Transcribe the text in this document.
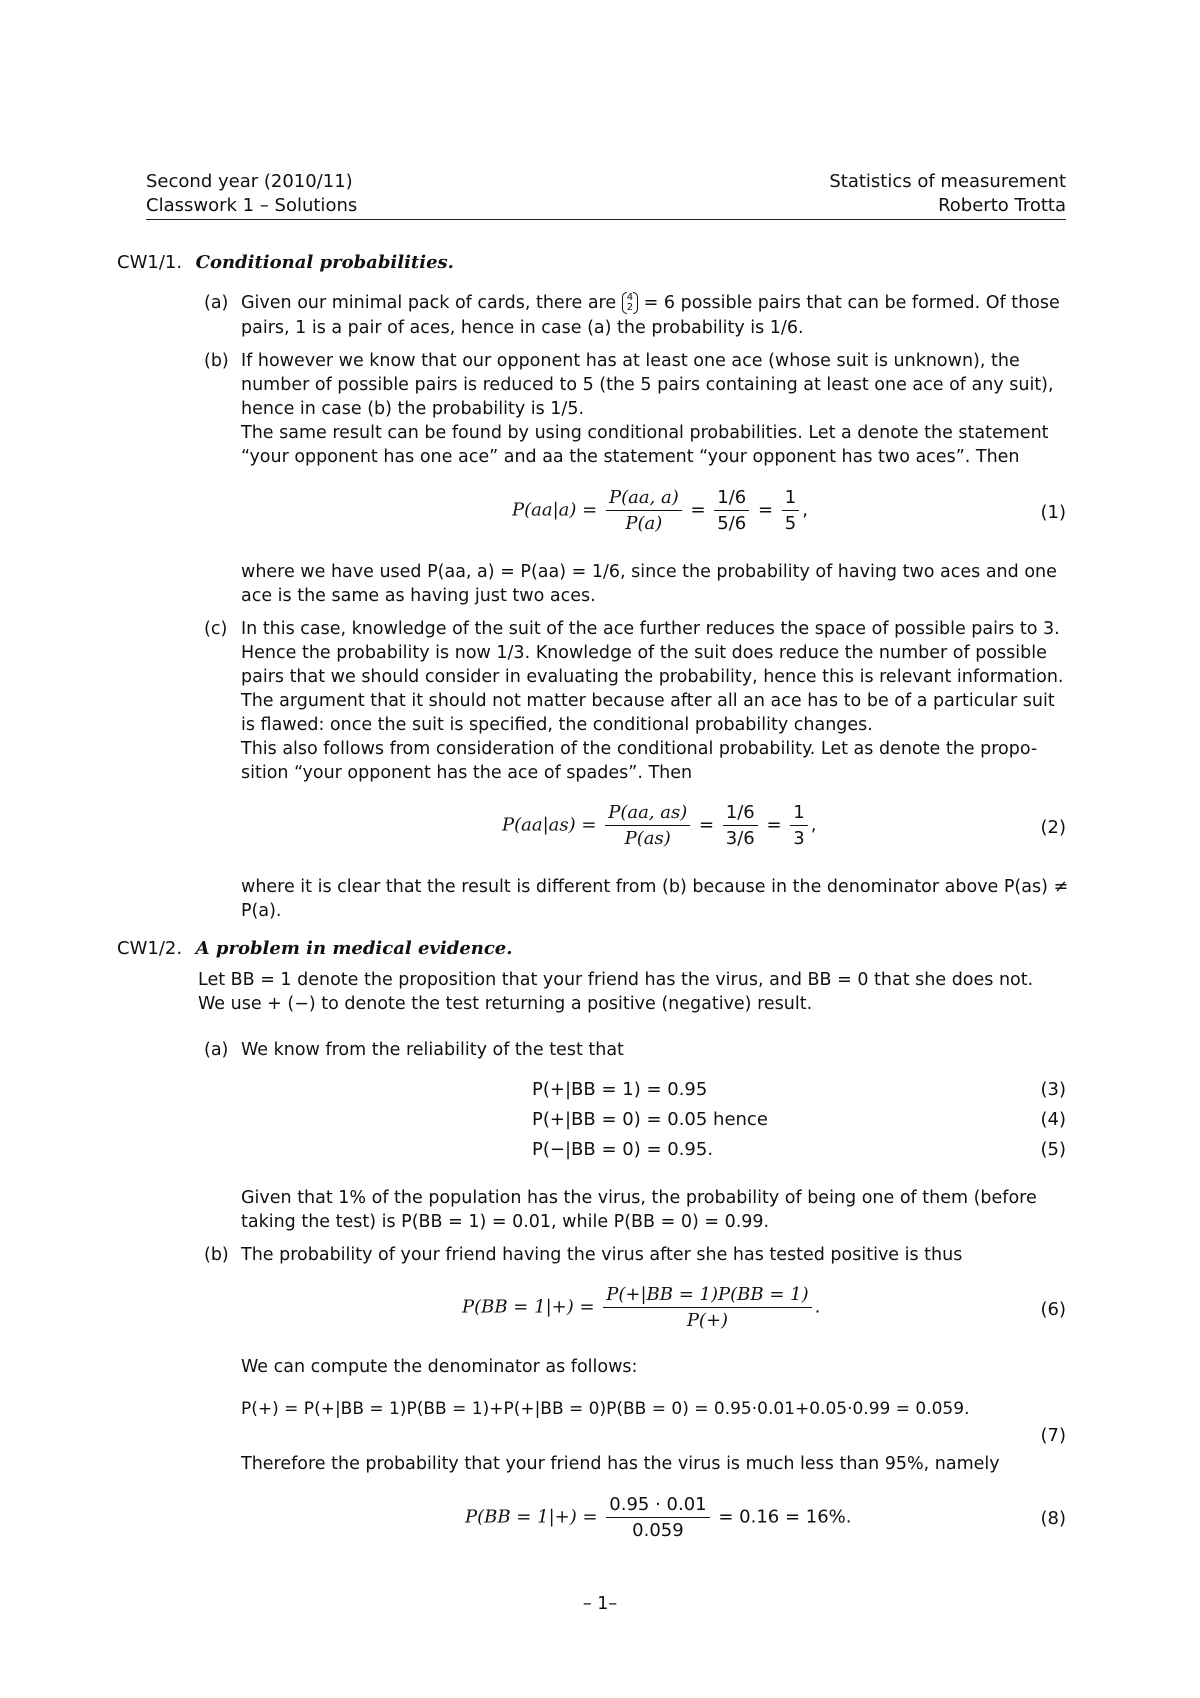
Second year (2010/11)
Classwork 1 – Solutions
Statistics of measurement
Roberto Trotta
CW1/1. Conditional probabilities.
(a) Given our minimal pack of cards, there are 4
2 = 6 possible pairs that can be formed. Of those
pairs, 1 is a pair of aces, hence in case (a) the probability is 1/6.
(b) If however we know that our opponent has at least one ace (whose suit is unknown), the
number of possible pairs is reduced to 5 (the 5 pairs containing at least one ace of any suit),
hence in case (b) the probability is 1/5.
The same result can be found by using conditional probabilities. Let a denote the statement
“your opponent has one ace” and aa the statement “your opponent has two aces”. Then
$P(aa|a) = \frac{P(aa, a)}{P(a)} = \frac{1/6}{5/6} = \frac{1}{5}$ ,	(1)
where we have used P(aa, a) = P(aa) = 1/6, since the probability of having two aces and one
ace is the same as having just two aces.
(c) In this case, knowledge of the suit of the ace further reduces the space of possible pairs to 3.
Hence the probability is now 1/3. Knowledge of the suit does reduce the number of possible
pairs that we should consider in evaluating the probability, hence this is relevant information.
The argument that it should not matter because after all an ace has to be of a particular suit
is flawed: once the suit is specified, the conditional probability changes.
This also follows from consideration of the conditional probability. Let as denote the propo-
sition “your opponent has the ace of spades”. Then
$P(aa|as) = \frac{P(aa, as)}{P(as)} = \frac{1/6}{3/6} = \frac{1}{3}$ ,	(2)
where it is clear that the result is different from (b) because in the denominator above P(as) ≠
P(a).
CW1/2. A problem in medical evidence.
Let BB = 1 denote the proposition that your friend has the virus, and BB = 0 that she does not.
We use + (−) to denote the test returning a positive (negative) result.
(a) We know from the reliability of the test that
P(+|BB = 1) = 0.95	(3)
P(+|BB = 0) = 0.05 hence	(4)
P(−|BB = 0) = 0.95.	(5)
Given that 1% of the population has the virus, the probability of being one of them (before
taking the test) is P(BB = 1) = 0.01, while P(BB = 0) = 0.99.
(b) The probability of your friend having the virus after she has tested positive is thus
$P(BB = 1|+) = \frac{P(+|BB = 1)P(BB = 1)}{P(+)}$ .	(6)
We can compute the denominator as follows:
P(+) = P(+|BB = 1)P(BB = 1)+P(+|BB = 0)P(BB = 0) = 0.95·0.01+0.05·0.99 = 0.059.
(7)
Therefore the probability that your friend has the virus is much less than 95%, namely
$P(BB = 1|+) = \frac{0.95 \cdot 0.01}{0.059} = 0.16 = 16\%$.	(8)
– 1–
